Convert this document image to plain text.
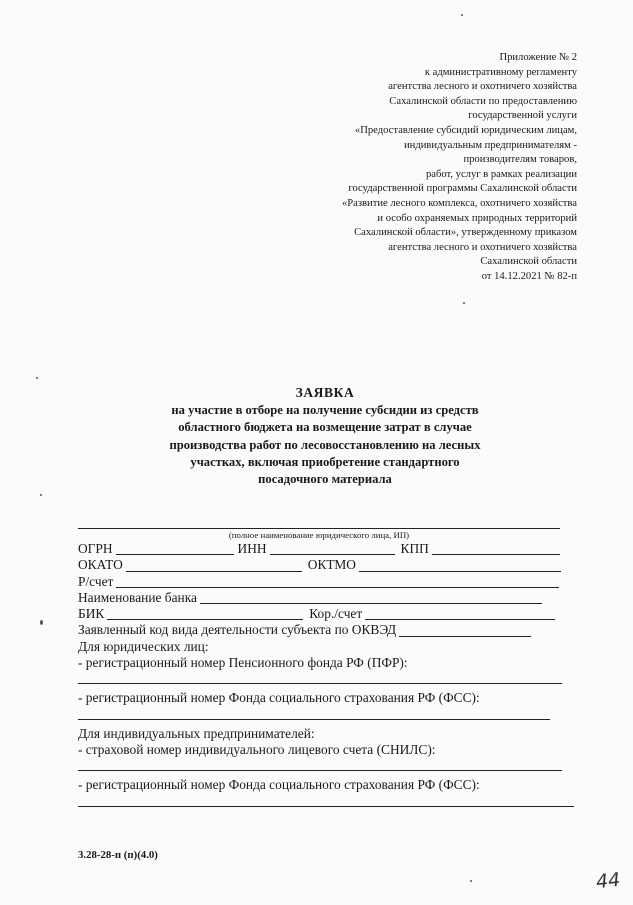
Приложение № 2
к административному регламенту
агентства лесного и охотничего хозяйства
Сахалинской области по предоставлению
государственной услуги
«Предоставление субсидий юридическим лицам,
индивидуальным предпринимателям -
производителям товаров,
работ, услуг в рамках реализации
государственной программы Сахалинской области
«Развитие лесного комплекса, охотничего хозяйства
и особо охраняемых природных территорий
Сахалинской области», утвержденному приказом
агентства лесного и охотничего хозяйства
Сахалинской области
от 14.12.2021 № 82-п
ЗАЯВКА
на участие в отборе на получение субсидии из средств
областного бюджета на возмещение затрат в случае
производства работ по лесовосстановлению на лесных
участках, включая приобретение стандартного
посадочного материала
(полное наименование юридического лица, ИП)
ОГРН	ИНН	КПП
ОКАТО	ОКТМО
Р/счет
Наименование банка
БИК	Кор./счет
Заявленный код вида деятельности субъекта по ОКВЭД
Для юридических лиц:
- регистрационный номер Пенсионного фонда РФ (ПФР):
- регистрационный номер Фонда социального страхования РФ (ФСС):
Для индивидуальных предпринимателей:
- страховой номер индивидуального лицевого счета (СНИЛС):
- регистрационный номер Фонда социального страхования РФ (ФСС):
3.28-28-п (п)(4.0)
44
